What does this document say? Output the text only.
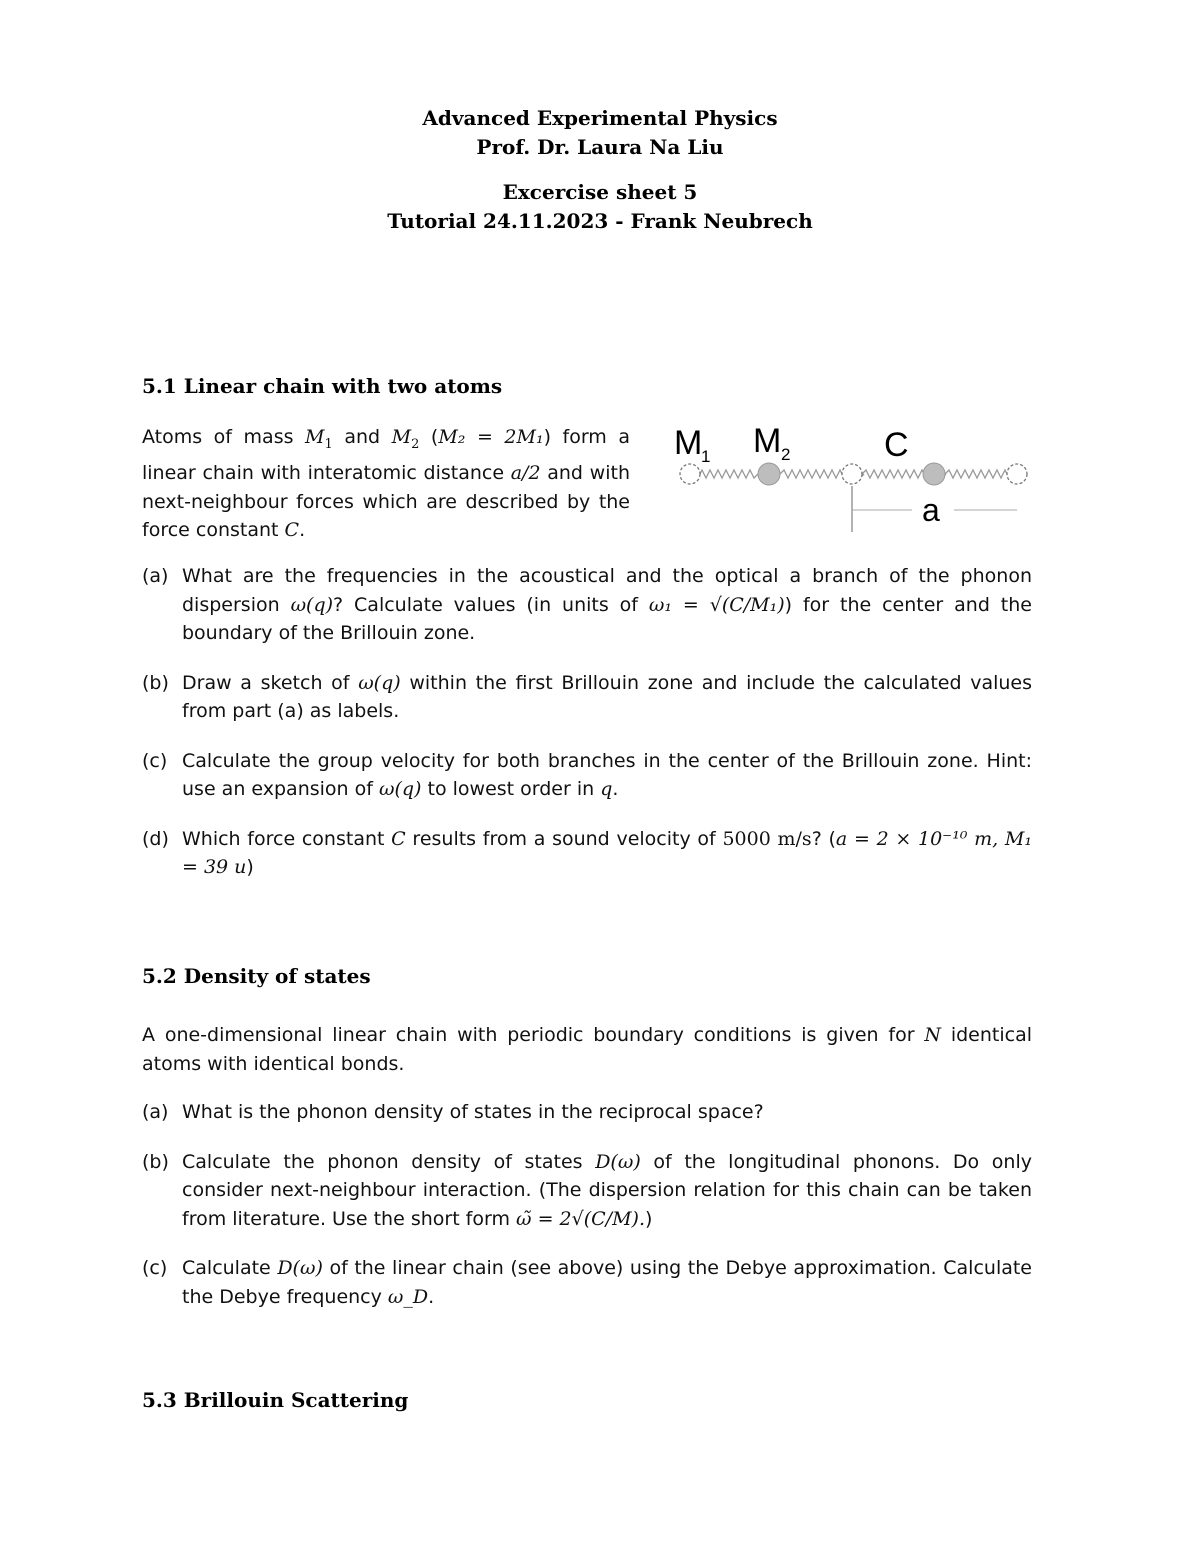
Advanced Experimental Physics
Prof. Dr. Laura Na Liu
Excercise sheet 5
Tutorial 24.11.2023 - Frank Neubrech
5.1 Linear chain with two atoms

Atoms of mass $M_1$ and $M_2$ (M₂ = 2M₁) form a linear chain with interatomic distance a/2 and with next-neighbour forces which are described by the force constant C.

M
1 M 2	C
a
(a) What are the frequencies in the acoustical and the optical a branch of the phonon dispersion ω(q)? Calculate values (in units of ω₁ = √(C/M₁)) for the center and the boundary of the Brillouin zone.
(b) Draw a sketch of ω(q) within the first Brillouin zone and include the calculated values from part (a) as labels.
(c) Calculate the group velocity for both branches in the center of the Brillouin zone. Hint: use an expansion of ω(q) to lowest order in q.
(d) Which force constant C results from a sound velocity of 5000 m/s? (a = 2 × 10⁻¹⁰ m, M₁ = 39 u)
5.2 Density of states

A one-dimensional linear chain with periodic boundary conditions is given for N identical atoms with identical bonds.

(a) What is the phonon density of states in the reciprocal space?
(b) Calculate the phonon density of states D(ω) of the longitudinal phonons. Do only consider next-neighbour interaction. (The dispersion relation for this chain can be taken from literature. Use the short form ω̃ = 2√(C/M).)
(c) Calculate D(ω) of the linear chain (see above) using the Debye approximation. Calculate the Debye frequency ω_D.
5.3 Brillouin Scattering
